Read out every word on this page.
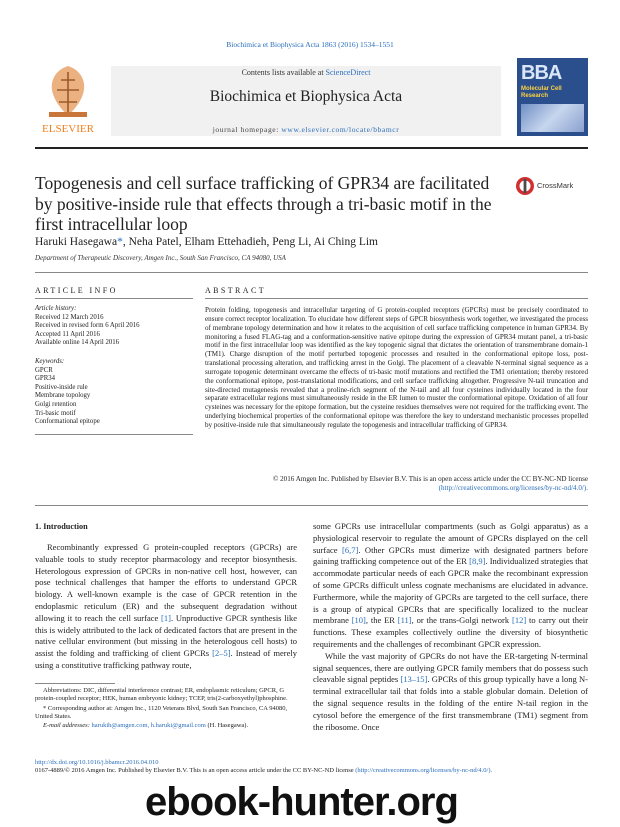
Biochimica et Biophysica Acta 1863 (2016) 1534–1551
ELSEVIER
Contents lists available at ScienceDirect
Biochimica et Biophysica Acta
journal homepage: www.elsevier.com/locate/bbamcr
BBA
Molecular Cell
Research
Topogenesis and cell surface trafficking of GPR34 are facilitated by positive-inside rule that effects through a tri-basic motif in the first intracellular loop
CrossMark
Haruki Hasegawa*, Neha Patel, Elham Ettehadieh, Peng Li, Ai Ching Lim
Department of Therapeutic Discovery, Amgen Inc., South San Francisco, CA 94080, USA
ARTICLE INFO	ABSTRACT
Article history:
Received 12 March 2016
Received in revised form 6 April 2016
Accepted 11 April 2016
Available online 14 April 2016
Keywords:
GPCR
GPR34
Positive-inside rule
Membrane topology
Golgi retention
Tri-basic motif
Conformational epitope
Protein folding, topogenesis and intracellular targeting of G protein-coupled receptors (GPCRs) must be precisely coordinated to ensure correct receptor localization. To elucidate how different steps of GPCR biosynthesis work together, we investigated the process of membrane topology determination and how it relates to the acquisition of cell surface trafficking competence in human GPR34. By monitoring a fused FLAG-tag and a conformation-sensitive native epitope during the expression of GPR34 mutant panel, a tri-basic motif in the first intracellular loop was identified as the key topogenic signal that dictates the orientation of transmembrane domain-1 (TM1). Charge disruption of the motif perturbed topogenic processes and resulted in the conformational epitope loss, post-translational processing alteration, and trafficking arrest in the Golgi. The placement of a cleavable N-terminal signal sequence as a surrogate topogenic determinant overcame the effects of tri-basic motif mutations and rectified the TM1 orientation; thereby restored the conformational epitope, post-translational modifications, and cell surface trafficking altogether. Progressive N-tail truncation and site-directed mutagenesis revealed that a proline-rich segment of the N-tail and all four cysteines individually located in the four separate extracellular regions must simultaneously reside in the ER lumen to muster the conformational epitope. Oxidation of all four cysteines was necessary for the epitope formation, but the cysteine residues themselves were not required for the trafficking event. The underlying biochemical properties of the conformational epitope was therefore the key to understand mechanistic processes propelled by positive-inside rule that simultaneously regulate the topogenesis and intracellular trafficking of GPR34.
© 2016 Amgen Inc. Published by Elsevier B.V. This is an open access article under the CC BY-NC-ND license (http://creativecommons.org/licenses/by-nc-nd/4.0/).
1. Introduction
Recombinantly expressed G protein-coupled receptors (GPCRs) are valuable tools to study receptor pharmacology and receptor biosynthesis. Heterologous expression of GPCRs in non-native cell host, however, can pose technical challenges that hamper the efforts to understand GPCR biology. A well-known example is the case of GPCR retention in the endoplasmic reticulum (ER) and the subsequent degradation without allowing it to reach the cell surface [1]. Unproductive GPCR synthesis like this is widely attributed to the lack of dedicated factors that are present in the native cellular environment (but missing in the heterologous cell hosts) to assist the folding and trafficking of client GPCRs [2–5]. Instead of merely using a constitutive trafficking pathway route,

some GPCRs use intracellular compartments (such as Golgi apparatus) as a physiological reservoir to regulate the amount of GPCRs displayed on the cell surface [6,7]. Other GPCRs must dimerize with designated partners before gaining trafficking competence out of the ER [8,9]. Individualized strategies that accommodate particular needs of each GPCR make the recombinant expression of some GPCRs difficult unless cognate mechanisms are elucidated in advance. Furthermore, while the majority of GPCRs are targeted to the cell surface, there is a group of atypical GPCRs that are specifically localized to the nuclear membrane [10], the ER [11], or the trans-Golgi network [12] to carry out their functions. These examples collectively outline the diversity of biosynthetic requirements and the challenges of recombinant GPCR expression.

While the vast majority of GPCRs do not have the ER-targeting N-terminal signal sequences, there are outlying GPCR family members that do possess such cleavable signal peptides [13–15]. GPCRs of this group typically have a long N-terminal extracellular tail that folds into a stable globular domain. Deletion of the signal sequence results in the folding of the entire N-tail region in the cytosol before the emergence of the first transmembrane (TM1) segment from the ribosome. Once

Abbreviations: DIC, differential interference contrast; ER, endoplasmic reticulum; GPCR, G protein-coupled receptor; HEK, human embryonic kidney; TCEP, tris(2-carboxyethyl)phosphine.

* Corresponding author at: Amgen Inc., 1120 Veterans Blvd, South San Francisco, CA 94080, United States.

E-mail addresses: harukih@amgen.com, h.haruki@gmail.com (H. Hasegawa).

http://dx.doi.org/10.1016/j.bbamcr.2016.04.010
0167-4889/© 2016 Amgen Inc. Published by Elsevier B.V. This is an open access article under the CC BY-NC-ND license (http://creativecommons.org/licenses/by-nc-nd/4.0/).
ebook-hunter.org
